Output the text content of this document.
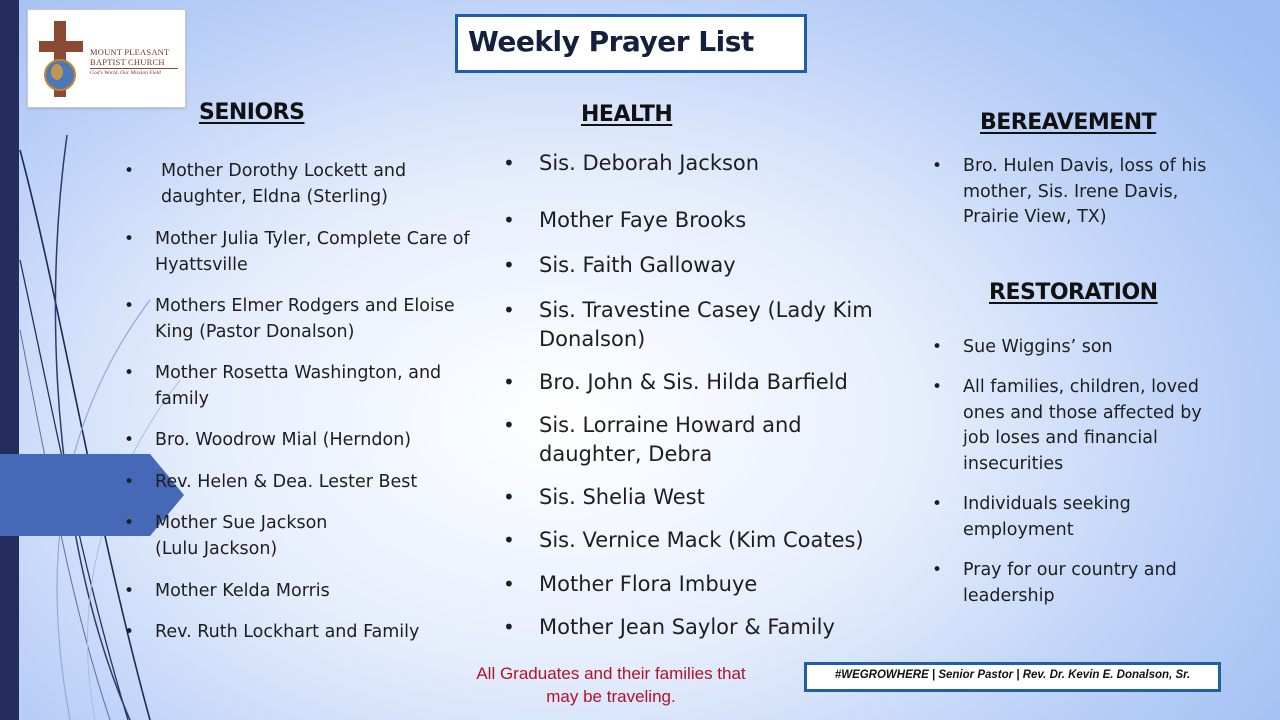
MOUNT PLEASANT
BAPTIST CHURCH
God's World, Our Mission Field
Weekly Prayer List
SENIORS
• Mother Dorothy Lockett and
daughter, Eldna (Sterling)
• Mother Julia Tyler, Complete Care of
Hyattsville
• Mothers Elmer Rodgers and Eloise
King (Pastor Donalson)
• Mother Rosetta Washington, and
family
• Bro. Woodrow Mial (Herndon)
• Rev. Helen & Dea. Lester Best
• Mother Sue Jackson
(Lulu Jackson)
• Mother Kelda Morris
• Rev. Ruth Lockhart and Family
HEALTH
• Sis. Deborah Jackson
• Mother Faye Brooks
• Sis. Faith Galloway
• Sis. Travestine Casey (Lady Kim
Donalson)
• Bro. John & Sis. Hilda Barfield
• Sis. Lorraine Howard and
daughter, Debra
• Sis. Shelia West
• Sis. Vernice Mack (Kim Coates)
• Mother Flora Imbuye
• Mother Jean Saylor & Family
BEREAVEMENT
• Bro. Hulen Davis, loss of his
mother, Sis. Irene Davis,
Prairie View, TX)
RESTORATION
• Sue Wiggins’ son
• All families, children, loved
ones and those affected by
job loses and financial
insecurities
• Individuals seeking
employment
• Pray for our country and
leadership
All Graduates and their families that
may be traveling.
#WEGROWHERE | Senior Pastor | Rev. Dr. Kevin E. Donalson, Sr.
